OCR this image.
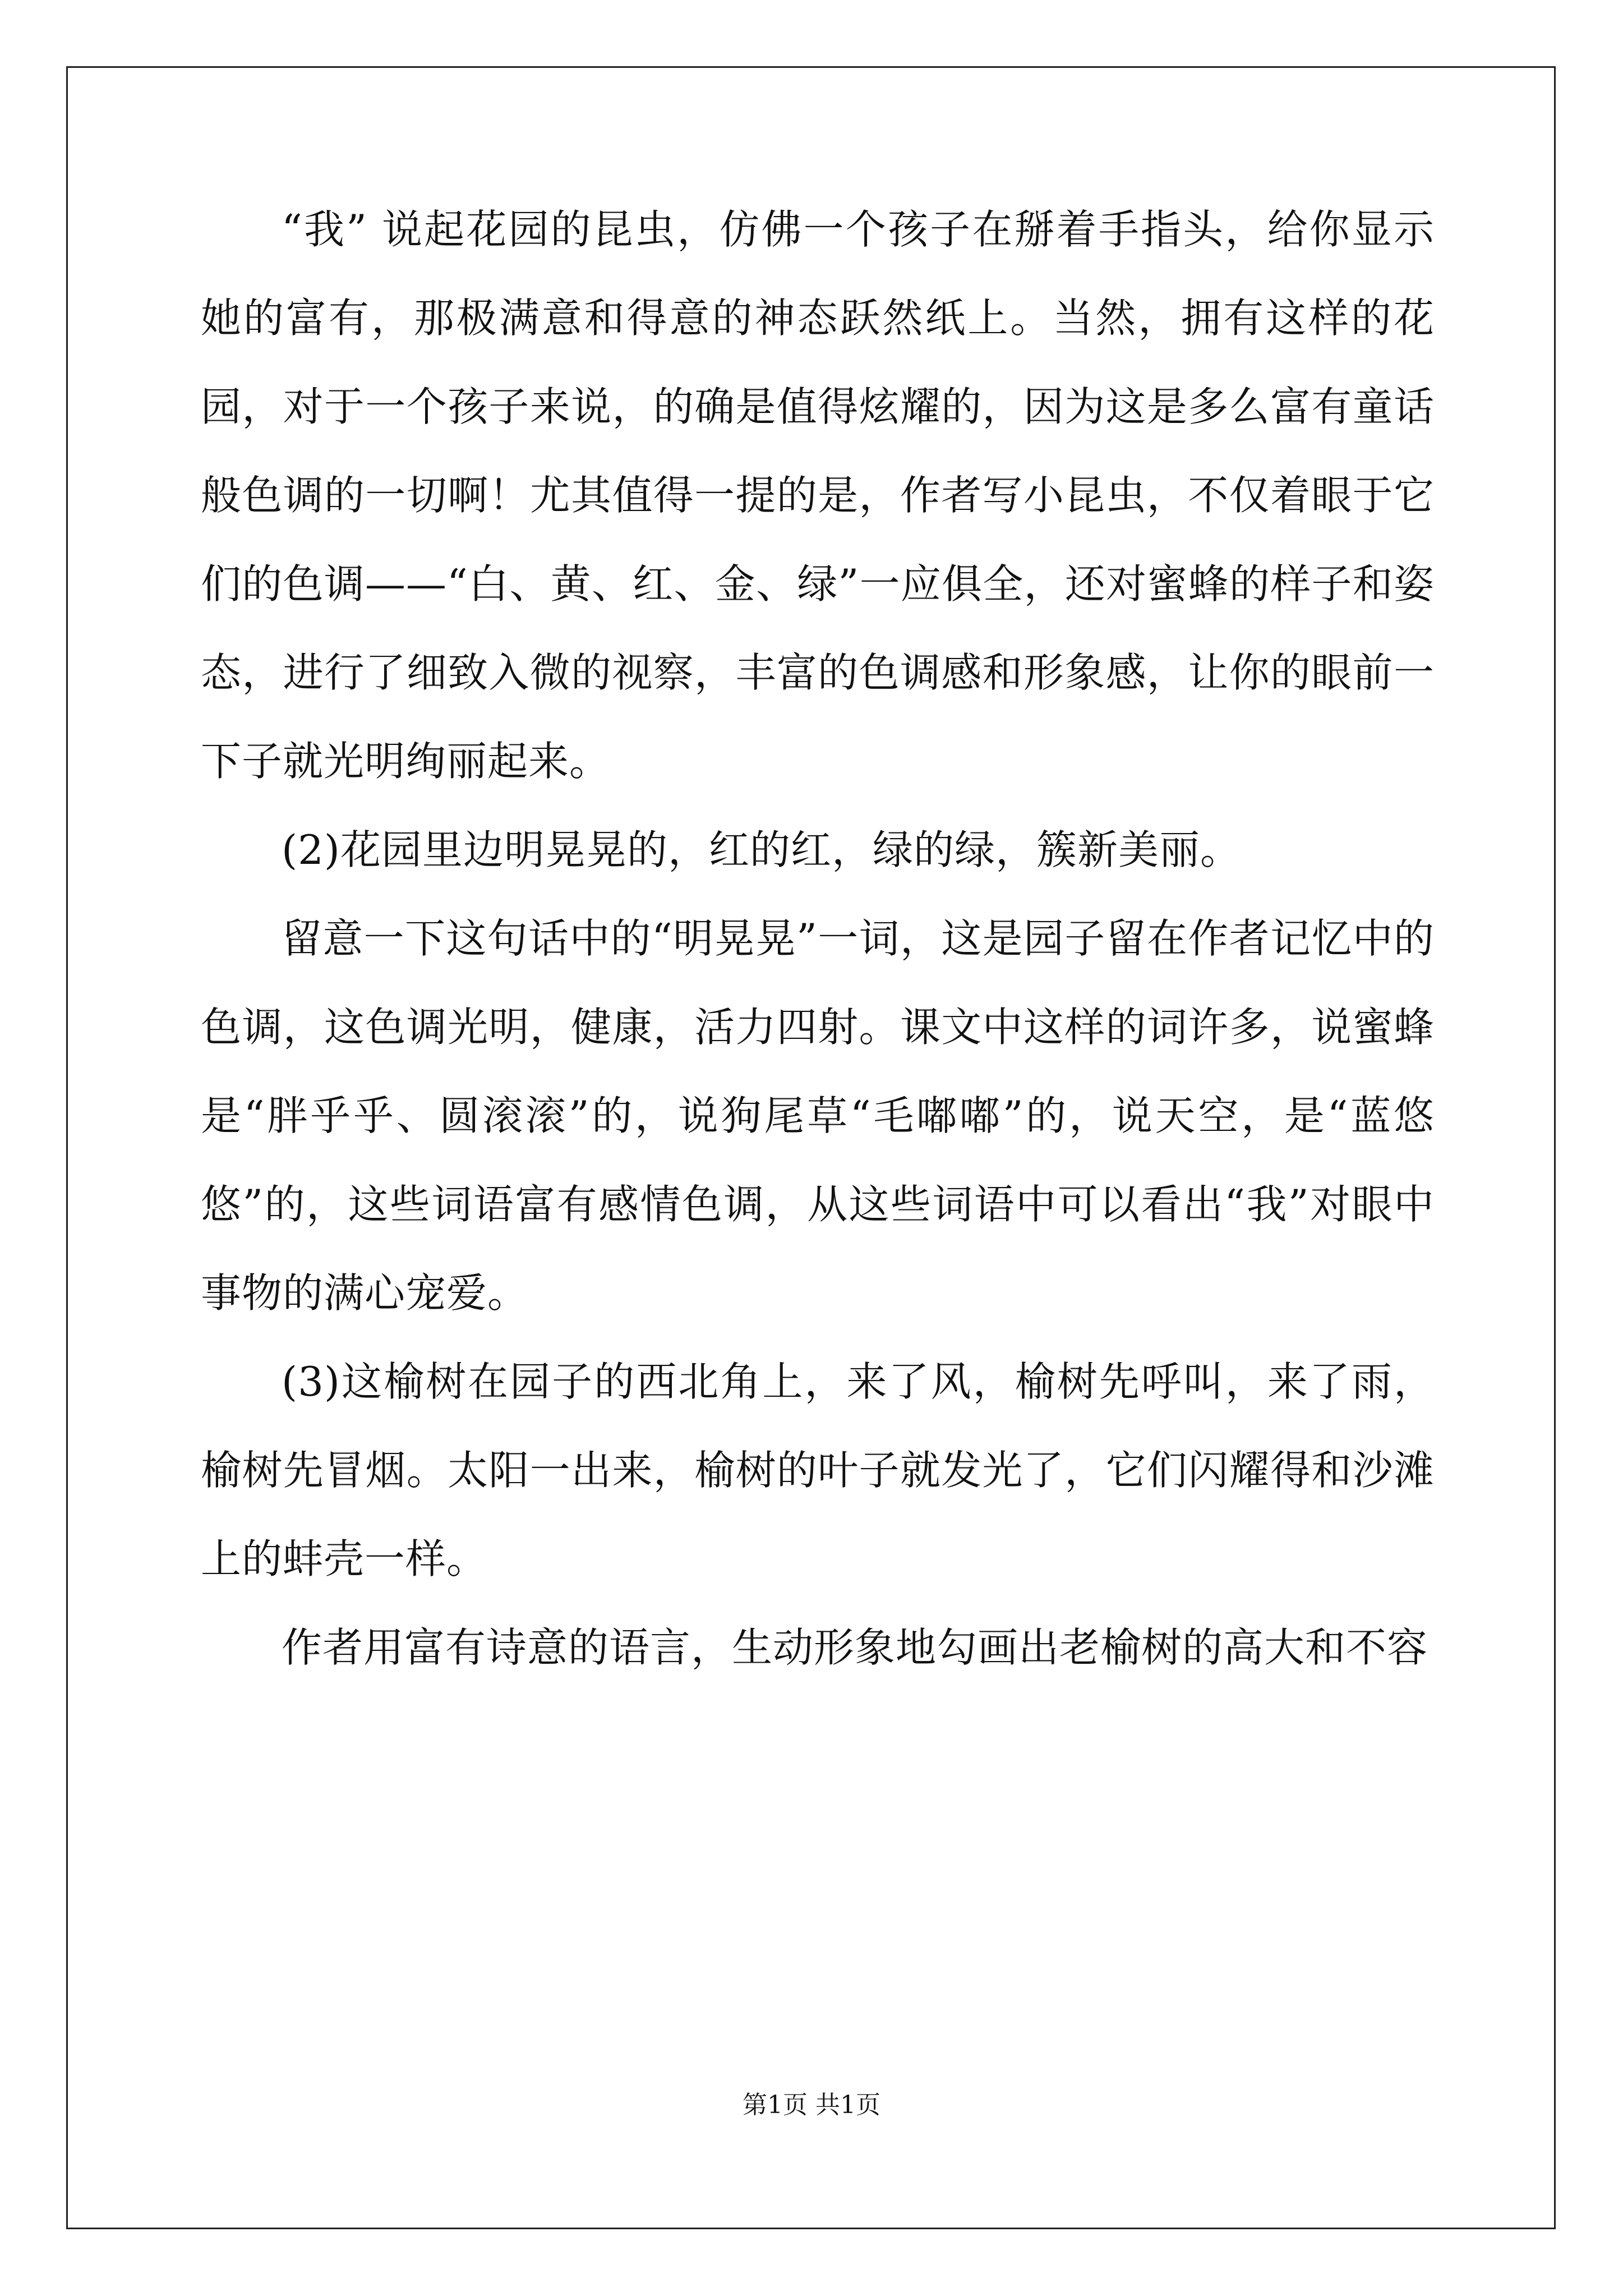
“我” 说起花园的昆虫，仿佛一个孩子在掰着手指头，给你显示她的富有，那极满意和得意的神态跃然纸上。当然，拥有这样的花园，对于一个孩子来说，的确是值得炫耀的，因为这是多么富有童话般色调的一切啊！尤其值得一提的是，作者写小昆虫，不仅着眼于它们的色调——“白、黄、红、金、绿”一应俱全，还对蜜蜂的样子和姿态，进行了细致入微的视察，丰富的色调感和形象感，让你的眼前一下子就光明绚丽起来。

(2)花园里边明晃晃的，红的红，绿的绿，簇新美丽。

留意一下这句话中的“明晃晃”一词，这是园子留在作者记忆中的色调，这色调光明，健康，活力四射。课文中这样的词许多，说蜜蜂是“胖乎乎、圆滚滚”的，说狗尾草“毛嘟嘟”的，说天空，是“蓝悠悠”的，这些词语富有感情色调，从这些词语中可以看出“我”对眼中事物的满心宠爱。

(3)这榆树在园子的西北角上，来了风，榆树先呼叫，来了雨，榆树先冒烟。太阳一出来，榆树的叶子就发光了，它们闪耀得和沙滩上的蚌壳一样。

作者用富有诗意的语言，生动形象地勾画出老榆树的高大和不容

第1页 共1页
